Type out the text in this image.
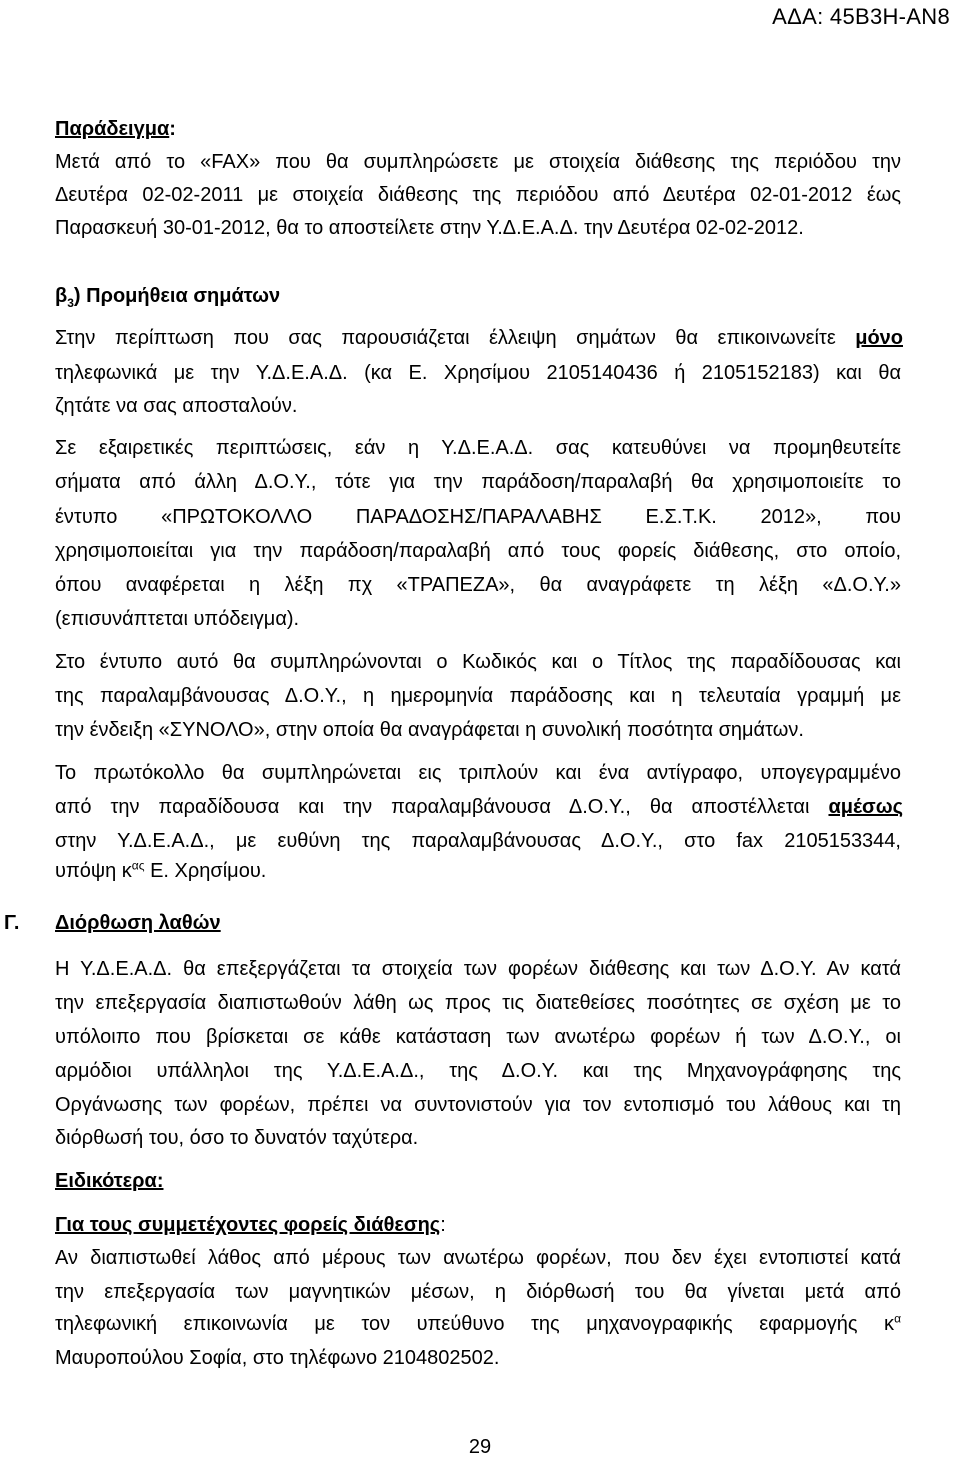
ΑΔΑ: 45Β3Η-ΑΝ8
Παράδειγμα:
Μετά από το «FAX» που θα συμπληρώσετε με στοιχεία διάθεσης της περιόδου την
Δευτέρα 02-02-2011 με στοιχεία διάθεσης της περιόδου από Δευτέρα 02-01-2012 έως
Παρασκευή 30-01-2012, θα το αποστείλετε στην Υ.Δ.Ε.Α.Δ. την Δευτέρα 02-02-2012.
$\beta_3$) Προμήθεια σημάτων
Στην περίπτωση που σας παρουσιάζεται έλλειψη σημάτων θα επικοινωνείτε μόνο
τηλεφωνικά με την Υ.Δ.Ε.Α.Δ. (κα Ε. Χρησίμου 2105140436 ή 2105152183) και θα
ζητάτε να σας αποσταλούν.
Σε εξαιρετικές περιπτώσεις, εάν η Υ.Δ.Ε.Α.Δ. σας κατευθύνει να προμηθευτείτε
σήματα από άλλη Δ.Ο.Υ., τότε για την παράδοση/παραλαβή θα χρησιμοποιείτε το
έντυπο «ΠΡΩΤΟΚΟΛΛΟ ΠΑΡΑΔΟΣΗΣ/ΠΑΡΑΛΑΒΗΣ Ε.Σ.Τ.Κ. 2012», που
χρησιμοποιείται για την παράδοση/παραλαβή από τους φορείς διάθεσης, στο οποίο,
όπου αναφέρεται η λέξη πχ «ΤΡΑΠΕΖΑ», θα αναγράφετε τη λέξη «Δ.Ο.Υ.»
(επισυνάπτεται υπόδειγμα).
Στο έντυπο αυτό θα συμπληρώνονται ο Κωδικός και ο Τίτλος της παραδίδουσας και
της παραλαμβάνουσας Δ.Ο.Υ., η ημερομηνία παράδοσης και η τελευταία γραμμή με
την ένδειξη «ΣΥΝΟΛΟ», στην οποία θα αναγράφεται η συνολική ποσότητα σημάτων.
Το πρωτόκολλο θα συμπληρώνεται εις τριπλούν και ένα αντίγραφο, υπογεγραμμένο
από την παραδίδουσα και την παραλαμβάνουσα Δ.Ο.Υ., θα αποστέλλεται αμέσως
στην Υ.Δ.Ε.Α.Δ., με ευθύνη της παραλαμβάνουσας Δ.Ο.Υ., στο fax 2105153344,
υπόψη $\kappa^{\alpha\varsigma}$ Ε. Χρησίμου.
Γ. Διόρθωση λαθών
Η Υ.Δ.Ε.Α.Δ. θα επεξεργάζεται τα στοιχεία των φορέων διάθεσης και των Δ.Ο.Υ. Αν κατά
την επεξεργασία διαπιστωθούν λάθη ως προς τις διατεθείσες ποσότητες σε σχέση με το
υπόλοιπο που βρίσκεται σε κάθε κατάσταση των ανωτέρω φορέων ή των Δ.Ο.Υ., οι
αρμόδιοι υπάλληλοι της Υ.Δ.Ε.Α.Δ., της Δ.Ο.Υ. και της Μηχανογράφησης της
Οργάνωσης των φορέων, πρέπει να συντονιστούν για τον εντοπισμό του λάθους και τη
διόρθωσή του, όσο το δυνατόν ταχύτερα.
Ειδικότερα:
Για τους συμμετέχοντες φορείς διάθεσης:
Αν διαπιστωθεί λάθος από μέρους των ανωτέρω φορέων, που δεν έχει εντοπιστεί κατά
την επεξεργασία των μαγνητικών μέσων, η διόρθωσή του θα γίνεται μετά από
τηλεφωνική επικοινωνία με τον υπεύθυνο της μηχανογραφικής εφαρμογής $\kappa^\alpha$
Μαυροπούλου Σοφία, στο τηλέφωνο 2104802502.
29
